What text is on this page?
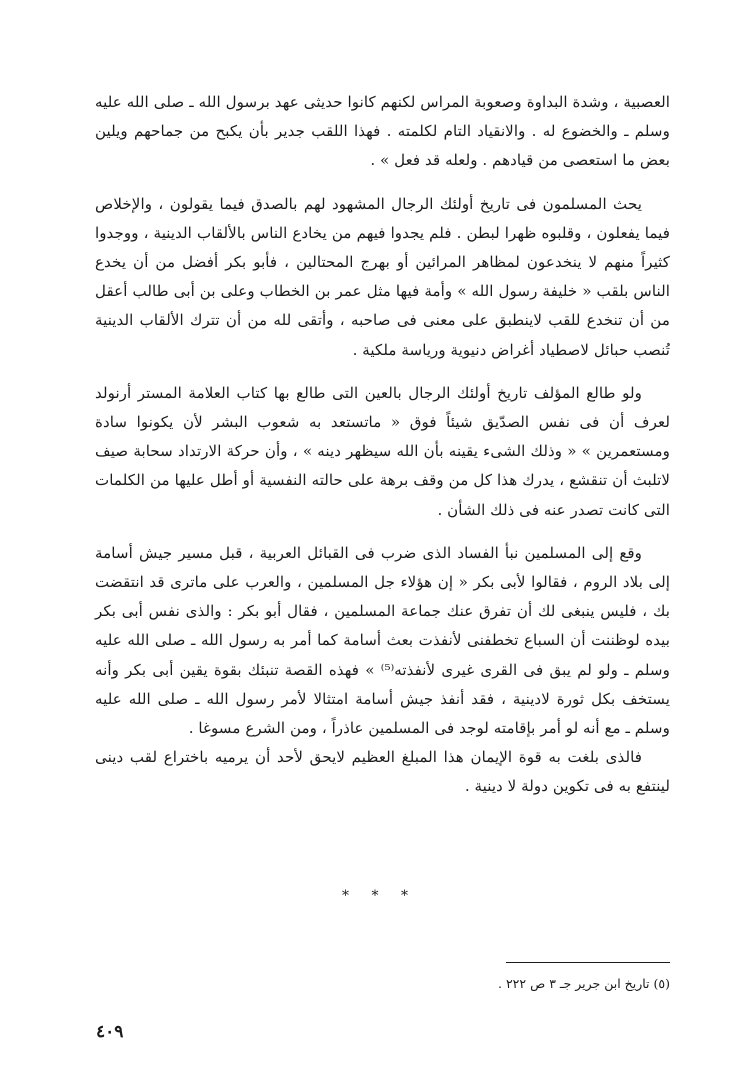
العصبية ، وشدة البداوة وصعوبة المراس لكنهم كانوا حديثى عهد برسول الله ـ صلى الله عليه وسلم ـ والخضوع له . والانقياد التام لكلمته . فهذا اللقب جدير بأن يكبح من جماحهم ويلين بعض ما استعصى من قيادهم . ولعله قد فعل » .

يحث المسلمون فى تاريخ أولئك الرجال المشهود لهم بالصدق فيما يقولون ، والإخلاص فيما يفعلون ، وقلبوه ظهرا لبطن . فلم يجدوا فيهم من يخادع الناس بالألقاب الدينية ، ووجدوا كثيراً منهم لا ينخدعون لمظاهر المرائين أو بهرج المحتالين ، فأبو بكر أفضل من أن يخدع الناس بلقب « خليفة رسول الله » وأمة فيها مثل عمر بن الخطاب وعلى بن أبى طالب أعقل من أن تنخدع للقب لاينطبق على معنى فى صاحبه ، وأتقى لله من أن تترك الألقاب الدينية تُنصب حبائل لاصطياد أغراض دنيوية ورياسة ملكية .

ولو طالع المؤلف تاريخ أولئك الرجال بالعين التى طالع بها كتاب العلامة المستر أرنولد لعرف أن فى نفس الصدّيق شيئاً فوق « ماتستعد به شعوب البشر لأن يكونوا سادة ومستعمرين » « وذلك الشىء يقينه بأن الله سيظهر دينه » ، وأن حركة الارتداد سحابة صيف لاتلبث أن تنقشع ، يدرك هذا كل من وقف برهة على حالته النفسية أو أطل عليها من الكلمات التى كانت تصدر عنه فى ذلك الشأن .

وقع إلى المسلمين نبأ الفساد الذى ضرب فى القبائل العربية ، قبل مسير جيش أسامة إلى بلاد الروم ، فقالوا لأبى بكر « إن هؤلاء جل المسلمين ، والعرب على ماترى قد انتقضت بك ، فليس ينبغى لك أن تفرق عنك جماعة المسلمين ، فقال أبو بكر : والذى نفس أبى بكر بيده لوظننت أن السباع تخطفنى لأنفذت بعث أسامة كما أمر به رسول الله ـ صلى الله عليه وسلم ـ ولو لم يبق فى القرى غيرى لأنفذته⁽⁵⁾ » فهذه القصة تنبئك بقوة يقين أبى بكر وأنه يستخف بكل ثورة لادينية ، فقد أنفذ جيش أسامة امتثالا لأمر رسول الله ـ صلى الله عليه وسلم ـ مع أنه لو أمر بإقامته لوجد فى المسلمين عاذراً ، ومن الشرع مسوغا .

فالذى بلغت به قوة الإيمان هذا المبلغ العظيم لايحق لأحد أن يرميه باختراع لقب دينى لينتفع به فى تكوين دولة لا دينية .

* * *
(٥) تاريخ ابن جرير جـ ٣ ص ٢٢٢ .
٤٠٩
